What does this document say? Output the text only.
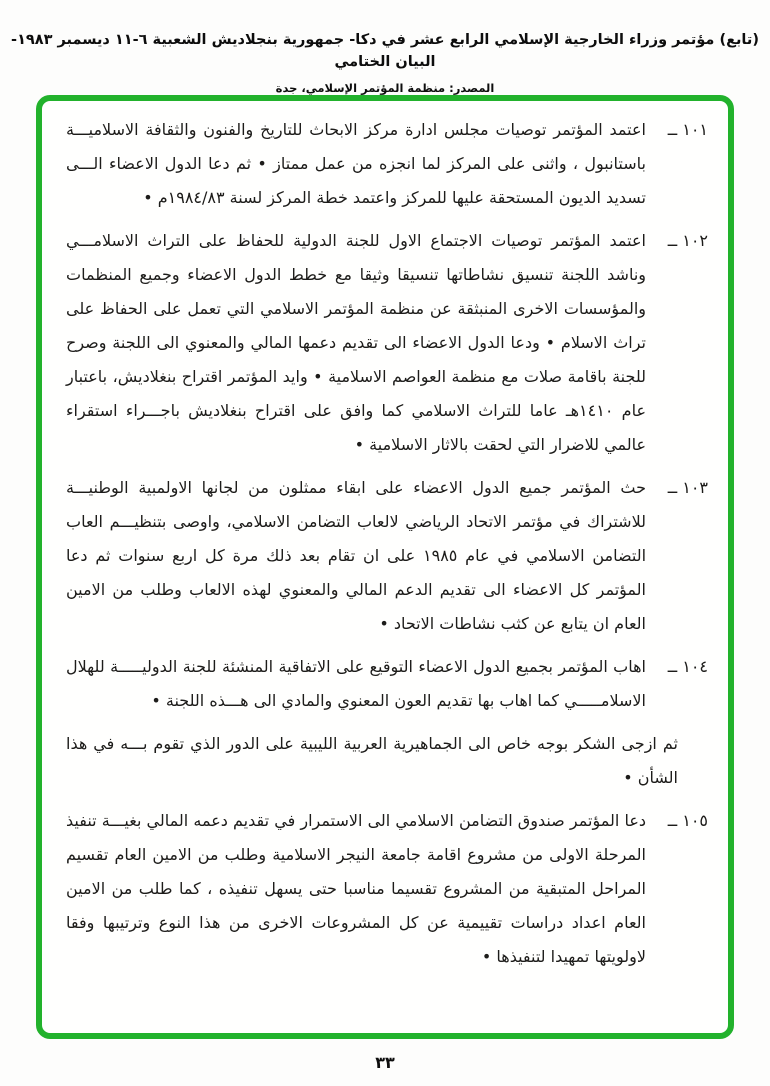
(تابع) مؤتمر وزراء الخارجية الإسلامي الرابع عشر في دكا- جمهورية بنجلاديش الشعبية ٦-١١ ديسمبر ١٩٨٣- البيان الختامي
المصدر: منظمة المؤتمر الإسلامي، جدة

١٠١ ــاعتمد المؤتمر توصيات مجلس ادارة مركز الابحاث للتاريخ والفنون والثقافة الاسلاميـــة باستانبول ، واثنى على المركز لما انجزه من عمل ممتاز • ثم دعا الدول الاعضاء الـــى تسديد الديون المستحقة عليها للمركز واعتمد خطة المركز لسنة ١٩٨٤/٨٣م •

١٠٢ ــاعتمد المؤتمر توصيات الاجتماع الاول للجنة الدولية للحفاظ على التراث الاسلامـــي وناشد اللجنة تنسيق نشاطاتها تنسيقا وثيقا مع خطط الدول الاعضاء وجميع المنظمات والمؤسسات الاخرى المنبثقة عن منظمة المؤتمر الاسلامي التي تعمل على الحفاظ على تراث الاسلام • ودعا الدول الاعضاء الى تقديم دعمها المالي والمعنوي الى اللجنة وصرح للجنة باقامة صلات مع منظمة العواصم الاسلامية • وايد المؤتمر اقتراح بنغلاديش، باعتبار عام ١٤١٠هـ عاما للتراث الاسلامي كما وافق على اقتراح بنغلاديش باجـــراء استقراء عالمي للاضرار التي لحقت بالاثار الاسلامية •

١٠٣ ــحث المؤتمر جميع الدول الاعضاء على ابقاء ممثلون من لجانها الاولمبية الوطنيـــة للاشتراك في مؤتمر الاتحاد الرياضي لالعاب التضامن الاسلامي، واوصى بتنظيـــم العاب التضامن الاسلامي في عام ١٩٨٥ على ان تقام بعد ذلك مرة كل اربع سنوات ثم دعا المؤتمر كل الاعضاء الى تقديم الدعم المالي والمعنوي لهذه الالعاب وطلب من الامين العام ان يتابع عن كثب نشاطات الاتحاد •

١٠٤ ــاهاب المؤتمر بجميع الدول الاعضاء التوقيع على الاتفاقية المنشئة للجنة الدوليـــــة للهلال الاسلامـــــي كما اهاب بها تقديم العون المعنوي والمادي الى هـــذه اللجنة •

ثم ازجى الشكر بوجه خاص الى الجماهيرية العربية الليبية على الدور الذي تقوم بـــه في هذا الشأن •

١٠٥ ــدعا المؤتمر صندوق التضامن الاسلامي الى الاستمرار في تقديم دعمه المالي بغيـــة تنفيذ المرحلة الاولى من مشروع اقامة جامعة النيجر الاسلامية وطلب من الامين العام تقسيم المراحل المتبقية من المشروع تقسيما مناسبا حتى يسهل تنفيذه ، كما طلب من الامين العام اعداد دراسات تقييمية عن كل المشروعات الاخرى من هذا النوع وترتيبها وفقا لاولويتها تمهيدا لتنفيذها •

٣٣
